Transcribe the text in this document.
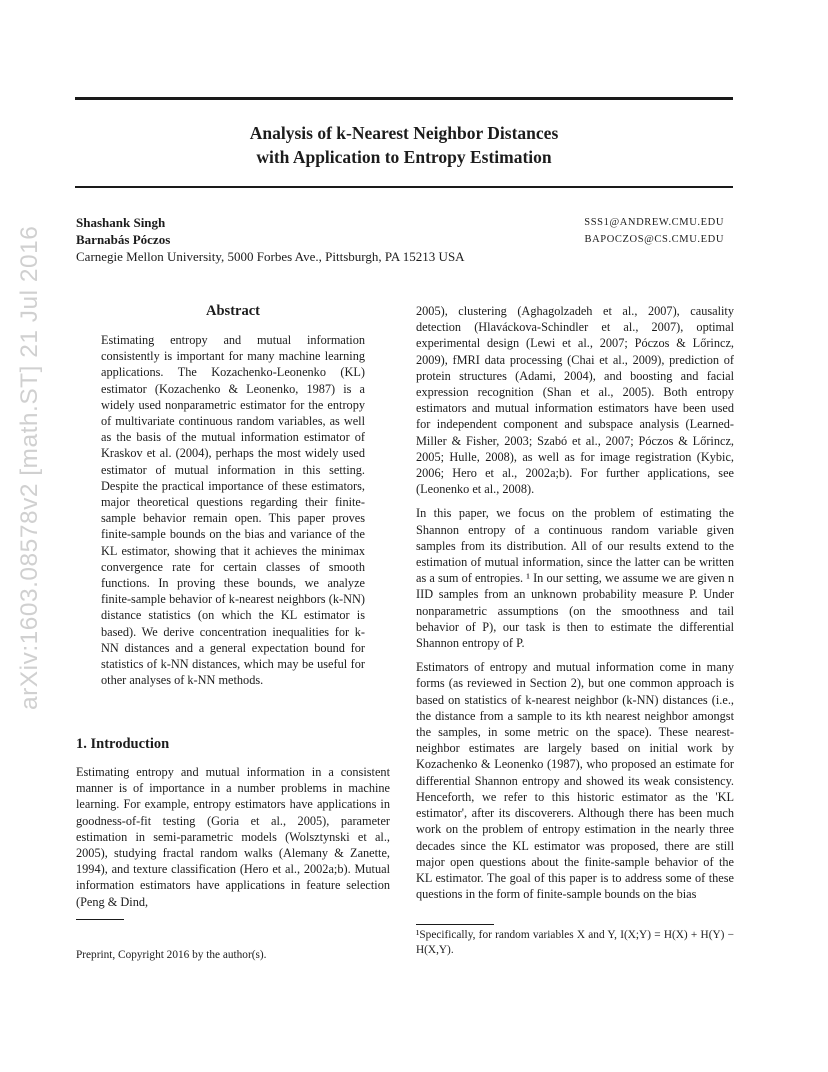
arXiv:1603.08578v2 [math.ST] 21 Jul 2016
Analysis of k-Nearest Neighbor Distances
with Application to Entropy Estimation
Shashank Singh	SSS1@ANDREW.CMU.EDU
Barnabás Póczos	BAPOCZOS@CS.CMU.EDU
Carnegie Mellon University, 5000 Forbes Ave., Pittsburgh, PA 15213 USA
Abstract
Estimating entropy and mutual information consistently is important for many machine learning applications. The Kozachenko-Leonenko (KL) estimator (Kozachenko & Leonenko, 1987) is a widely used nonparametric estimator for the entropy of multivariate continuous random variables, as well as the basis of the mutual information estimator of Kraskov et al. (2004), perhaps the most widely used estimator of mutual information in this setting. Despite the practical importance of these estimators, major theoretical questions regarding their finite-sample behavior remain open. This paper proves finite-sample bounds on the bias and variance of the KL estimator, showing that it achieves the minimax convergence rate for certain classes of smooth functions. In proving these bounds, we analyze finite-sample behavior of k-nearest neighbors (k-NN) distance statistics (on which the KL estimator is based). We derive concentration inequalities for k-NN distances and a general expectation bound for statistics of k-NN distances, which may be useful for other analyses of k-NN methods.
1. Introduction
Estimating entropy and mutual information in a consistent manner is of importance in a number problems in machine learning. For example, entropy estimators have applications in goodness-of-fit testing (Goria et al., 2005), parameter estimation in semi-parametric models (Wolsztynski et al., 2005), studying fractal random walks (Alemany & Zanette, 1994), and texture classification (Hero et al., 2002a;b). Mutual information estimators have applications in feature selection (Peng & Dind,

2005), clustering (Aghagolzadeh et al., 2007), causality detection (Hlaváckova-Schindler et al., 2007), optimal experimental design (Lewi et al., 2007; Póczos & Lőrincz, 2009), fMRI data processing (Chai et al., 2009), prediction of protein structures (Adami, 2004), and boosting and facial expression recognition (Shan et al., 2005). Both entropy estimators and mutual information estimators have been used for independent component and subspace analysis (Learned-Miller & Fisher, 2003; Szabó et al., 2007; Póczos & Lőrincz, 2005; Hulle, 2008), as well as for image registration (Kybic, 2006; Hero et al., 2002a;b). For further applications, see (Leonenko et al., 2008).

In this paper, we focus on the problem of estimating the Shannon entropy of a continuous random variable given samples from its distribution. All of our results extend to the estimation of mutual information, since the latter can be written as a sum of entropies. ¹ In our setting, we assume we are given n IID samples from an unknown probability measure P. Under nonparametric assumptions (on the smoothness and tail behavior of P), our task is then to estimate the differential Shannon entropy of P.

Estimators of entropy and mutual information come in many forms (as reviewed in Section 2), but one common approach is based on statistics of k-nearest neighbor (k-NN) distances (i.e., the distance from a sample to its kth nearest neighbor amongst the samples, in some metric on the space). These nearest-neighbor estimates are largely based on initial work by Kozachenko & Leonenko (1987), who proposed an estimate for differential Shannon entropy and showed its weak consistency. Henceforth, we refer to this historic estimator as the 'KL estimator', after its discoverers. Although there has been much work on the problem of entropy estimation in the nearly three decades since the KL estimator was proposed, there are still major open questions about the finite-sample behavior of the KL estimator. The goal of this paper is to address some of these questions in the form of finite-sample bounds on the bias

Preprint, Copyright 2016 by the author(s).
¹Specifically, for random variables X and Y, I(X;Y) = H(X) + H(Y) − H(X,Y).
